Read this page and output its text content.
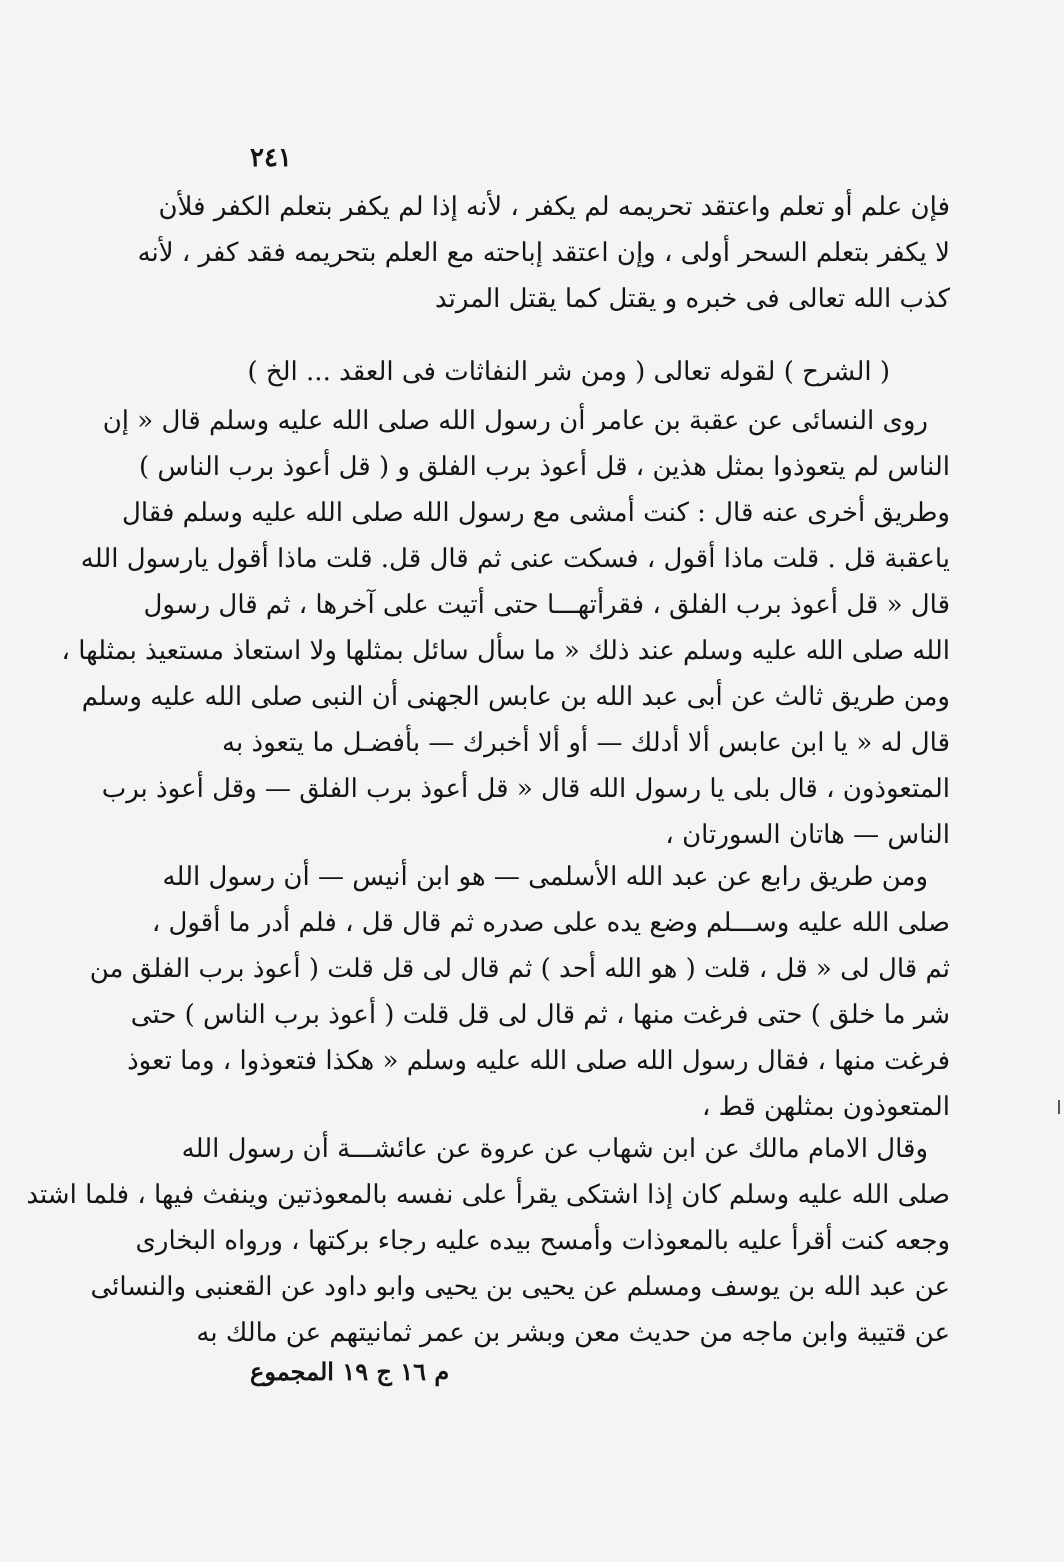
٢٤١
فإن علم أو تعلم واعتقد تحريمه لم يكفر ، لأنه إذا لم يكفر بتعلم الكفر فلأن
لا يكفر بتعلم السحر أولى ، وإن اعتقد إباحته مع العلم بتحريمه فقد كفر ، لأنه
كذب الله تعالى فى خبره و يقتل كما يقتل المرتد
( الشرح ) لقوله تعالى ( ومن شر النفاثات فى العقد ... الخ )
روى النسائى عن عقبة بن عامر أن رسول الله صلى الله عليه وسلم قال « إن
الناس لم يتعوذوا بمثل هذين ، قل أعوذ برب الفلق و ( قل أعوذ برب الناس )
وطريق أخرى عنه قال : كنت أمشى مع رسول الله صلى الله عليه وسلم فقال
ياعقبة قل . قلت ماذا أقول ، فسكت عنى ثم قال قل. قلت ماذا أقول يارسول الله
قال « قل أعوذ برب الفلق ، فقرأتهـــا حتى أتيت على آخرها ، ثم قال رسول
الله صلى الله عليه وسلم عند ذلك « ما سأل سائل بمثلها ولا استعاذ مستعيذ بمثلها ،
ومن طريق ثالث عن أبى عبد الله بن عابس الجهنى أن النبى صلى الله عليه وسلم
قال له « يا ابن عابس ألا أدلك — أو ألا أخبرك — بأفضـل ما يتعوذ به
المتعوذون ، قال بلى يا رسول الله قال « قل أعوذ برب الفلق — وقل أعوذ برب
الناس — هاتان السورتان ،
ومن طريق رابع عن عبد الله الأسلمى — هو ابن أنيس — أن رسول الله
صلى الله عليه وســـلم وضع يده على صدره ثم قال قل ، فلم أدر ما أقول ،
ثم قال لى « قل ، قلت ( هو الله أحد ) ثم قال لى قل قلت ( أعوذ برب الفلق من
شر ما خلق ) حتى فرغت منها ، ثم قال لى قل قلت ( أعوذ برب الناس ) حتى
فرغت منها ، فقال رسول الله صلى الله عليه وسلم « هكذا فتعوذوا ، وما تعوذ
المتعوذون بمثلهن قط ،
وقال الامام مالك عن ابن شهاب عن عروة عن عائشـــة أن رسول الله
صلى الله عليه وسلم كان إذا اشتكى يقرأ على نفسه بالمعوذتين وينفث فيها ، فلما اشتد
وجعه كنت أقرأ عليه بالمعوذات وأمسح بيده عليه رجاء بركتها ، ورواه البخارى
عن عبد الله بن يوسف ومسلم عن يحيى بن يحيى وابو داود عن القعنبى والنسائى
عن قتيبة وابن ماجه من حديث معن وبشر بن عمر ثمانيتهم عن مالك به
م ١٦ ج ١٩ المجموع
